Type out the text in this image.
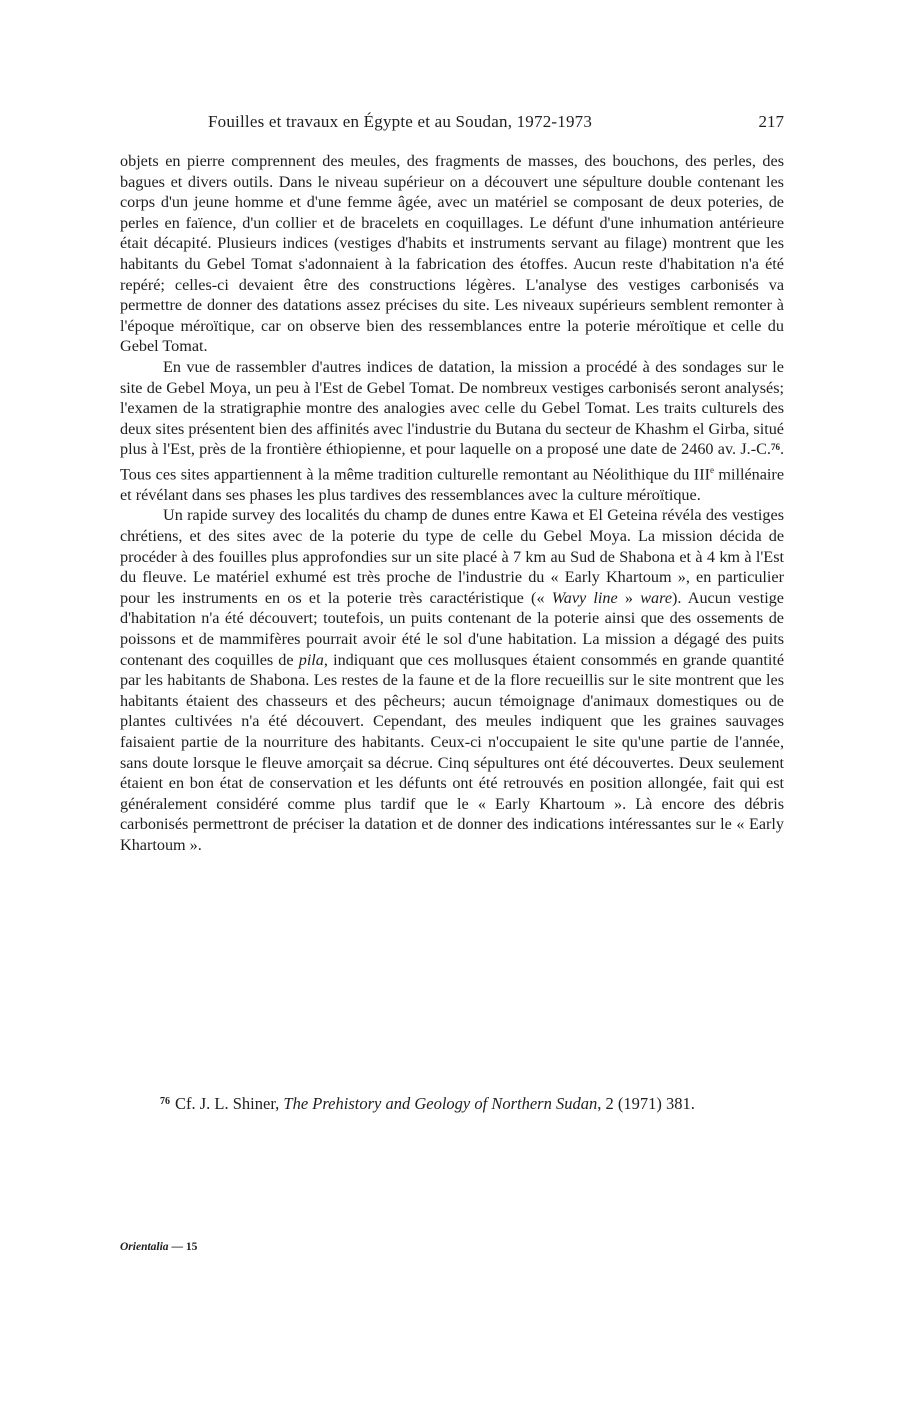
Fouilles et travaux en Égypte et au Soudan, 1972-1973	217

objets en pierre comprennent des meules, des fragments de masses, des bouchons, des perles, des bagues et divers outils. Dans le niveau supérieur on a découvert une sépulture double contenant les corps d'un jeune homme et d'une femme âgée, avec un matériel se composant de deux poteries, de perles en faïence, d'un collier et de bracelets en coquillages. Le défunt d'une inhumation antérieure était décapité. Plusieurs indices (vestiges d'habits et instruments servant au filage) montrent que les habitants du Gebel Tomat s'adonnaient à la fabrication des étoffes. Aucun reste d'habitation n'a été repéré; celles-ci devaient être des constructions légères. L'analyse des vestiges carbonisés va permettre de donner des datations assez précises du site. Les niveaux supérieurs semblent remonter à l'époque méroïtique, car on observe bien des ressemblances entre la poterie méroïtique et celle du Gebel Tomat.

En vue de rassembler d'autres indices de datation, la mission a procédé à des sondages sur le site de Gebel Moya, un peu à l'Est de Gebel Tomat. De nombreux vestiges carbonisés seront analysés; l'examen de la stratigraphie montre des analogies avec celle du Gebel Tomat. Les traits culturels des deux sites présentent bien des affinités avec l'industrie du Butana du secteur de Khashm el Girba, situé plus à l'Est, près de la frontière éthiopienne, et pour laquelle on a proposé une date de 2460 av. J.-C.$^{76}$. Tous ces sites appartiennent à la même tradition culturelle remontant au Néolithique du IIIe millénaire et révélant dans ses phases les plus tardives des ressemblances avec la culture méroïtique.

Un rapide survey des localités du champ de dunes entre Kawa et El Geteina révéla des vestiges chrétiens, et des sites avec de la poterie du type de celle du Gebel Moya. La mission décida de procéder à des fouilles plus approfondies sur un site placé à 7 km au Sud de Shabona et à 4 km à l'Est du fleuve. Le matériel exhumé est très proche de l'industrie du « Early Khartoum », en particulier pour les instruments en os et la poterie très caractéristique (« Wavy line » ware). Aucun vestige d'habitation n'a été découvert; toutefois, un puits contenant de la poterie ainsi que des ossements de poissons et de mammifères pourrait avoir été le sol d'une habitation. La mission a dégagé des puits contenant des coquilles de pila, indiquant que ces mollusques étaient consommés en grande quantité par les habitants de Shabona. Les restes de la faune et de la flore recueillis sur le site montrent que les habitants étaient des chasseurs et des pêcheurs; aucun témoignage d'animaux domestiques ou de plantes cultivées n'a été découvert. Cependant, des meules indiquent que les graines sauvages faisaient partie de la nourriture des habitants. Ceux-ci n'occupaient le site qu'une partie de l'année, sans doute lorsque le fleuve amorçait sa décrue. Cinq sépultures ont été découvertes. Deux seulement étaient en bon état de conservation et les défunts ont été retrouvés en position allongée, fait qui est généralement considéré comme plus tardif que le « Early Khartoum ». Là encore des débris carbonisés permettront de préciser la datation et de donner des indications intéressantes sur le « Early Khartoum ».

$^{76}$ Cf. J. L. Shiner, The Prehistory and Geology of Northern Sudan, 2 (1971) 381.
Orientalia — 15
